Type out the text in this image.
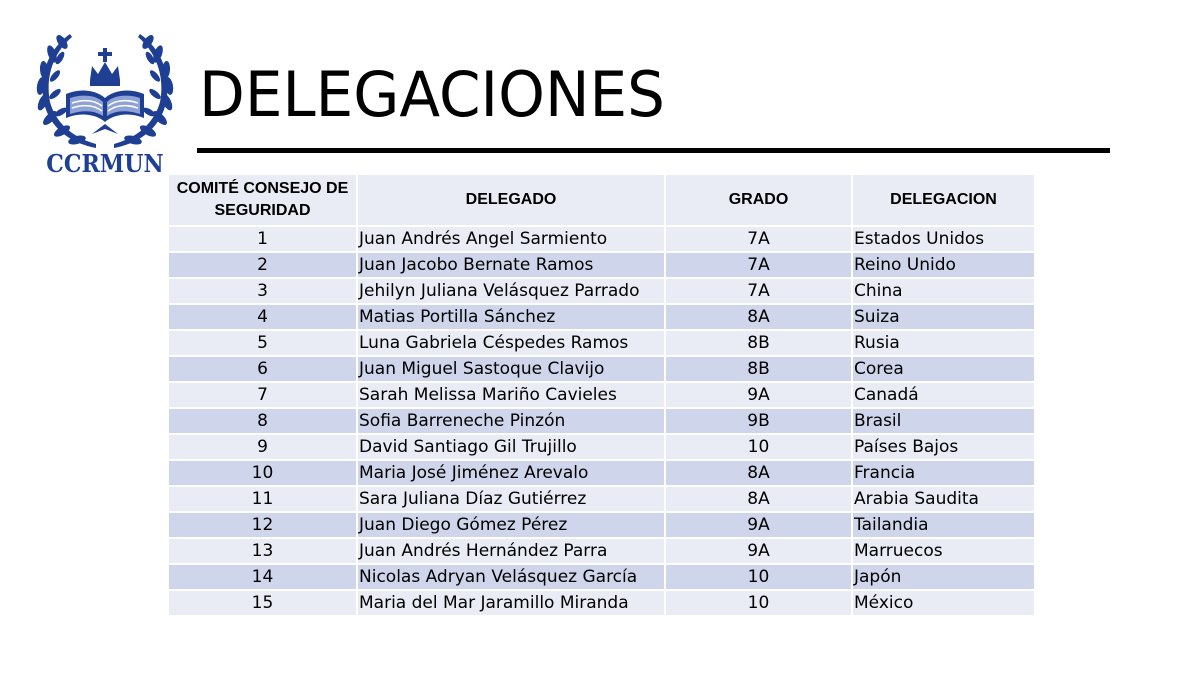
CCRMUN
DELEGACIONES
COMITÉ CONSEJO DE SEGURIDAD	DELEGADO	GRADO	DELEGACION
1	Juan Andrés Angel Sarmiento	7A	Estados Unidos
2	Juan Jacobo Bernate Ramos	7A	Reino Unido
3	Jehilyn Juliana Velásquez Parrado	7A	China
4	Matias Portilla Sánchez	8A	Suiza
5	Luna Gabriela Céspedes Ramos	8B	Rusia
6	Juan Miguel Sastoque Clavijo	8B	Corea
7	Sarah Melissa Mariño Cavieles	9A	Canadá
8	Sofia Barreneche Pinzón	9B	Brasil
9	David Santiago Gil Trujillo	10	Países Bajos
10	Maria José Jiménez Arevalo	8A	Francia
11	Sara Juliana Díaz Gutiérrez	8A	Arabia Saudita
12	Juan Diego Gómez Pérez	9A	Tailandia
13	Juan Andrés Hernández Parra	9A	Marruecos
14	Nicolas Adryan Velásquez García	10	Japón
15	Maria del Mar Jaramillo Miranda	10	México
